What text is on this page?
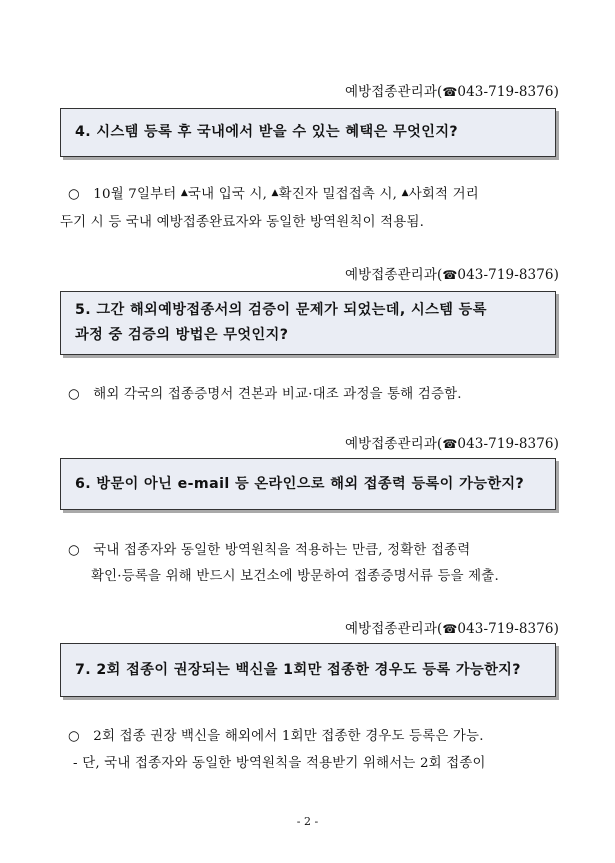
예방접종관리과(☎043-719-8376)
4. 시스템 등록 후 국내에서 받을 수 있는 혜택은 무엇인지?
○ 10월 7일부터 ▲국내 입국 시, ▲확진자 밀접접촉 시, ▲사회적 거리
두기 시 등 국내 예방접종완료자와 동일한 방역원칙이 적용됨.
예방접종관리과(☎043-719-8376)
5. 그간 해외예방접종서의 검증이 문제가 되었는데, 시스템 등록
과정 중 검증의 방법은 무엇인지?
○ 해외 각국의 접종증명서 견본과 비교·대조 과정을 통해 검증함.
예방접종관리과(☎043-719-8376)
6. 방문이 아닌 e-mail 등 온라인으로 해외 접종력 등록이 가능한지?
○ 국내 접종자와 동일한 방역원칙을 적용하는 만큼, 정확한 접종력
확인·등록을 위해 반드시 보건소에 방문하여 접종증명서류 등을 제출.
예방접종관리과(☎043-719-8376)
7. 2회 접종이 권장되는 백신을 1회만 접종한 경우도 등록 가능한지?
○ 2회 접종 권장 백신을 해외에서 1회만 접종한 경우도 등록은 가능.
- 단, 국내 접종자와 동일한 방역원칙을 적용받기 위해서는 2회 접종이
- 2 -
